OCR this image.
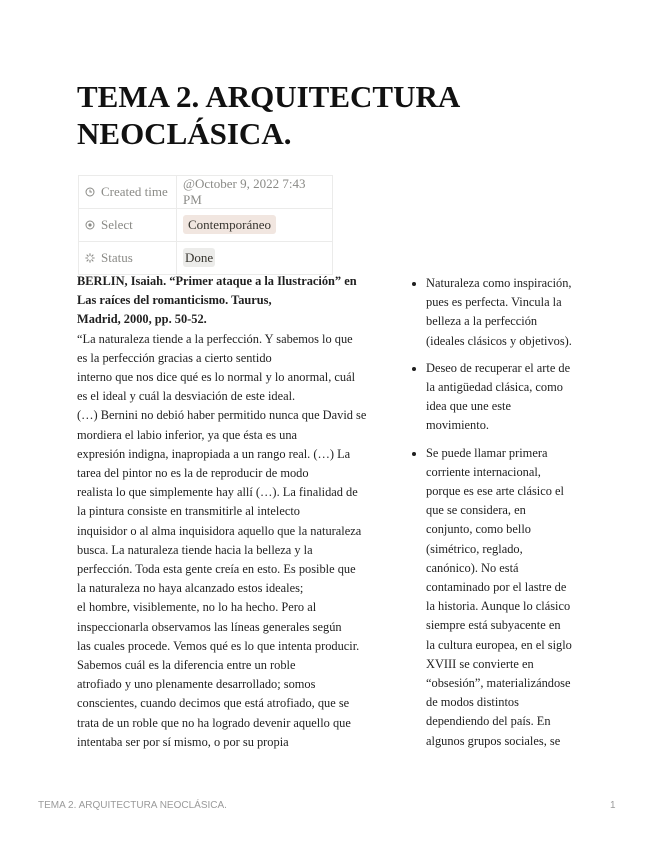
TEMA 2. ARQUITECTURA NEOCLÁSICA.
Created time	@October 9, 2022 7:43 PM
Select	Contemporáneo
Status	Done

BERLIN, Isaiah. “Primer ataque a la Ilustración” en
Las raíces del romanticismo. Taurus,
Madrid, 2000, pp. 50-52.

“La naturaleza tiende a la perfección. Y sabemos lo que
es la perfección gracias a cierto sentido
interno que nos dice qué es lo normal y lo anormal, cuál
es el ideal y cuál la desviación de este ideal.
(…) Bernini no debió haber permitido nunca que David se
mordiera el labio inferior, ya que ésta es una
expresión indigna, inapropiada a un rango real. (…) La
tarea del pintor no es la de reproducir de modo
realista lo que simplemente hay allí (…). La finalidad de
la pintura consiste en transmitirle al intelecto
inquisidor o al alma inquisidora aquello que la naturaleza
busca. La naturaleza tiende hacia la belleza y la
perfección. Toda esta gente creía en esto. Es posible que
la naturaleza no haya alcanzado estos ideales;
el hombre, visiblemente, no lo ha hecho. Pero al
inspeccionarla observamos las líneas generales según
las cuales procede. Vemos qué es lo que intenta producir.
Sabemos cuál es la diferencia entre un roble
atrofiado y uno plenamente desarrollado; somos
conscientes, cuando decimos que está atrofiado, que se
trata de un roble que no ha logrado devenir aquello que
intentaba ser por sí mismo, o por su propia

Naturaleza como inspiración,
pues es perfecta. Vincula la
belleza a la perfección
(ideales clásicos y objetivos).
Deseo de recuperar el arte de
la antigüedad clásica, como
idea que une este
movimiento.
Se puede llamar primera
corriente internacional,
porque es ese arte clásico el
que se considera, en
conjunto, como bello
(simétrico, reglado,
canónico). No está
contaminado por el lastre de
la historia. Aunque lo clásico
siempre está subyacente en
la cultura europea, en el siglo
XVIII se convierte en
“obsesión”, materializándose
de modos distintos
dependiendo del país. En
algunos grupos sociales, se
TEMA 2. ARQUITECTURA NEOCLÁSICA.	1
